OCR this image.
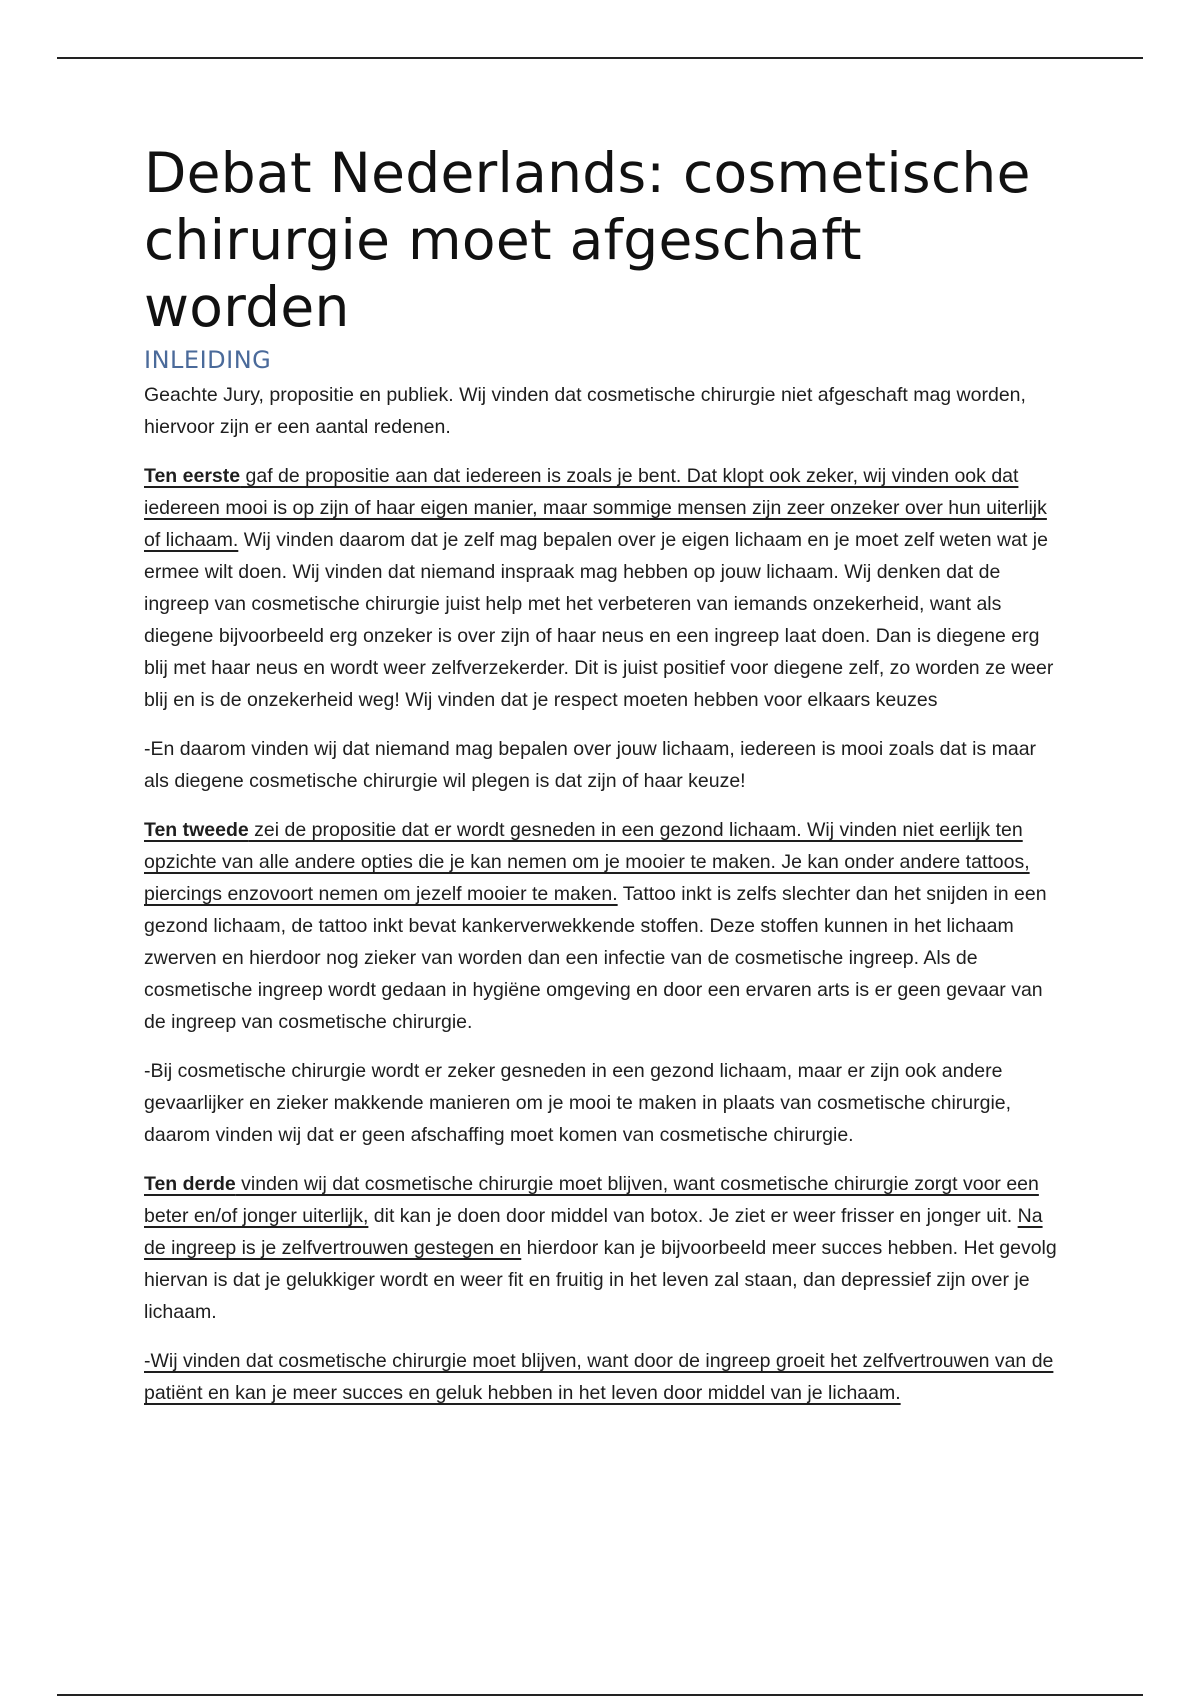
Debat Nederlands: cosmetische chirurgie moet afgeschaft worden
INLEIDING

Geachte Jury, propositie en publiek. Wij vinden dat cosmetische chirurgie niet afgeschaft mag worden, hiervoor zijn er een aantal redenen.

Ten eerste gaf de propositie aan dat iedereen is zoals je bent. Dat klopt ook zeker, wij vinden ook dat iedereen mooi is op zijn of haar eigen manier, maar sommige mensen zijn zeer onzeker over hun uiterlijk of lichaam. Wij vinden daarom dat je zelf mag bepalen over je eigen lichaam en je moet zelf weten wat je ermee wilt doen. Wij vinden dat niemand inspraak mag hebben op jouw lichaam. Wij denken dat de ingreep van cosmetische chirurgie juist help met het verbeteren van iemands onzekerheid, want als diegene bijvoorbeeld erg onzeker is over zijn of haar neus en een ingreep laat doen. Dan is diegene erg blij met haar neus en wordt weer zelfverzekerder. Dit is juist positief voor diegene zelf, zo worden ze weer blij en is de onzekerheid weg! Wij vinden dat je respect moeten hebben voor elkaars keuzes

-En daarom vinden wij dat niemand mag bepalen over jouw lichaam, iedereen is mooi zoals dat is maar als diegene cosmetische chirurgie wil plegen is dat zijn of haar keuze!

Ten tweede zei de propositie dat er wordt gesneden in een gezond lichaam. Wij vinden niet eerlijk ten opzichte van alle andere opties die je kan nemen om je mooier te maken. Je kan onder andere tattoos, piercings enzovoort nemen om jezelf mooier te maken. Tattoo inkt is zelfs slechter dan het snijden in een gezond lichaam, de tattoo inkt bevat kankerverwekkende stoffen. Deze stoffen kunnen in het lichaam zwerven en hierdoor nog zieker van worden dan een infectie van de cosmetische ingreep. Als de cosmetische ingreep wordt gedaan in hygiëne omgeving en door een ervaren arts is er geen gevaar van de ingreep van cosmetische chirurgie.

-Bij cosmetische chirurgie wordt er zeker gesneden in een gezond lichaam, maar er zijn ook andere gevaarlijker en zieker makkende manieren om je mooi te maken in plaats van cosmetische chirurgie, daarom vinden wij dat er geen afschaffing moet komen van cosmetische chirurgie.

Ten derde vinden wij dat cosmetische chirurgie moet blijven, want cosmetische chirurgie zorgt voor een beter en/of jonger uiterlijk, dit kan je doen door middel van botox. Je ziet er weer frisser en jonger uit. Na de ingreep is je zelfvertrouwen gestegen en hierdoor kan je bijvoorbeeld meer succes hebben. Het gevolg hiervan is dat je gelukkiger wordt en weer fit en fruitig in het leven zal staan, dan depressief zijn over je lichaam.

-Wij vinden dat cosmetische chirurgie moet blijven, want door de ingreep groeit het zelfvertrouwen van de patiënt en kan je meer succes en geluk hebben in het leven door middel van je lichaam.
